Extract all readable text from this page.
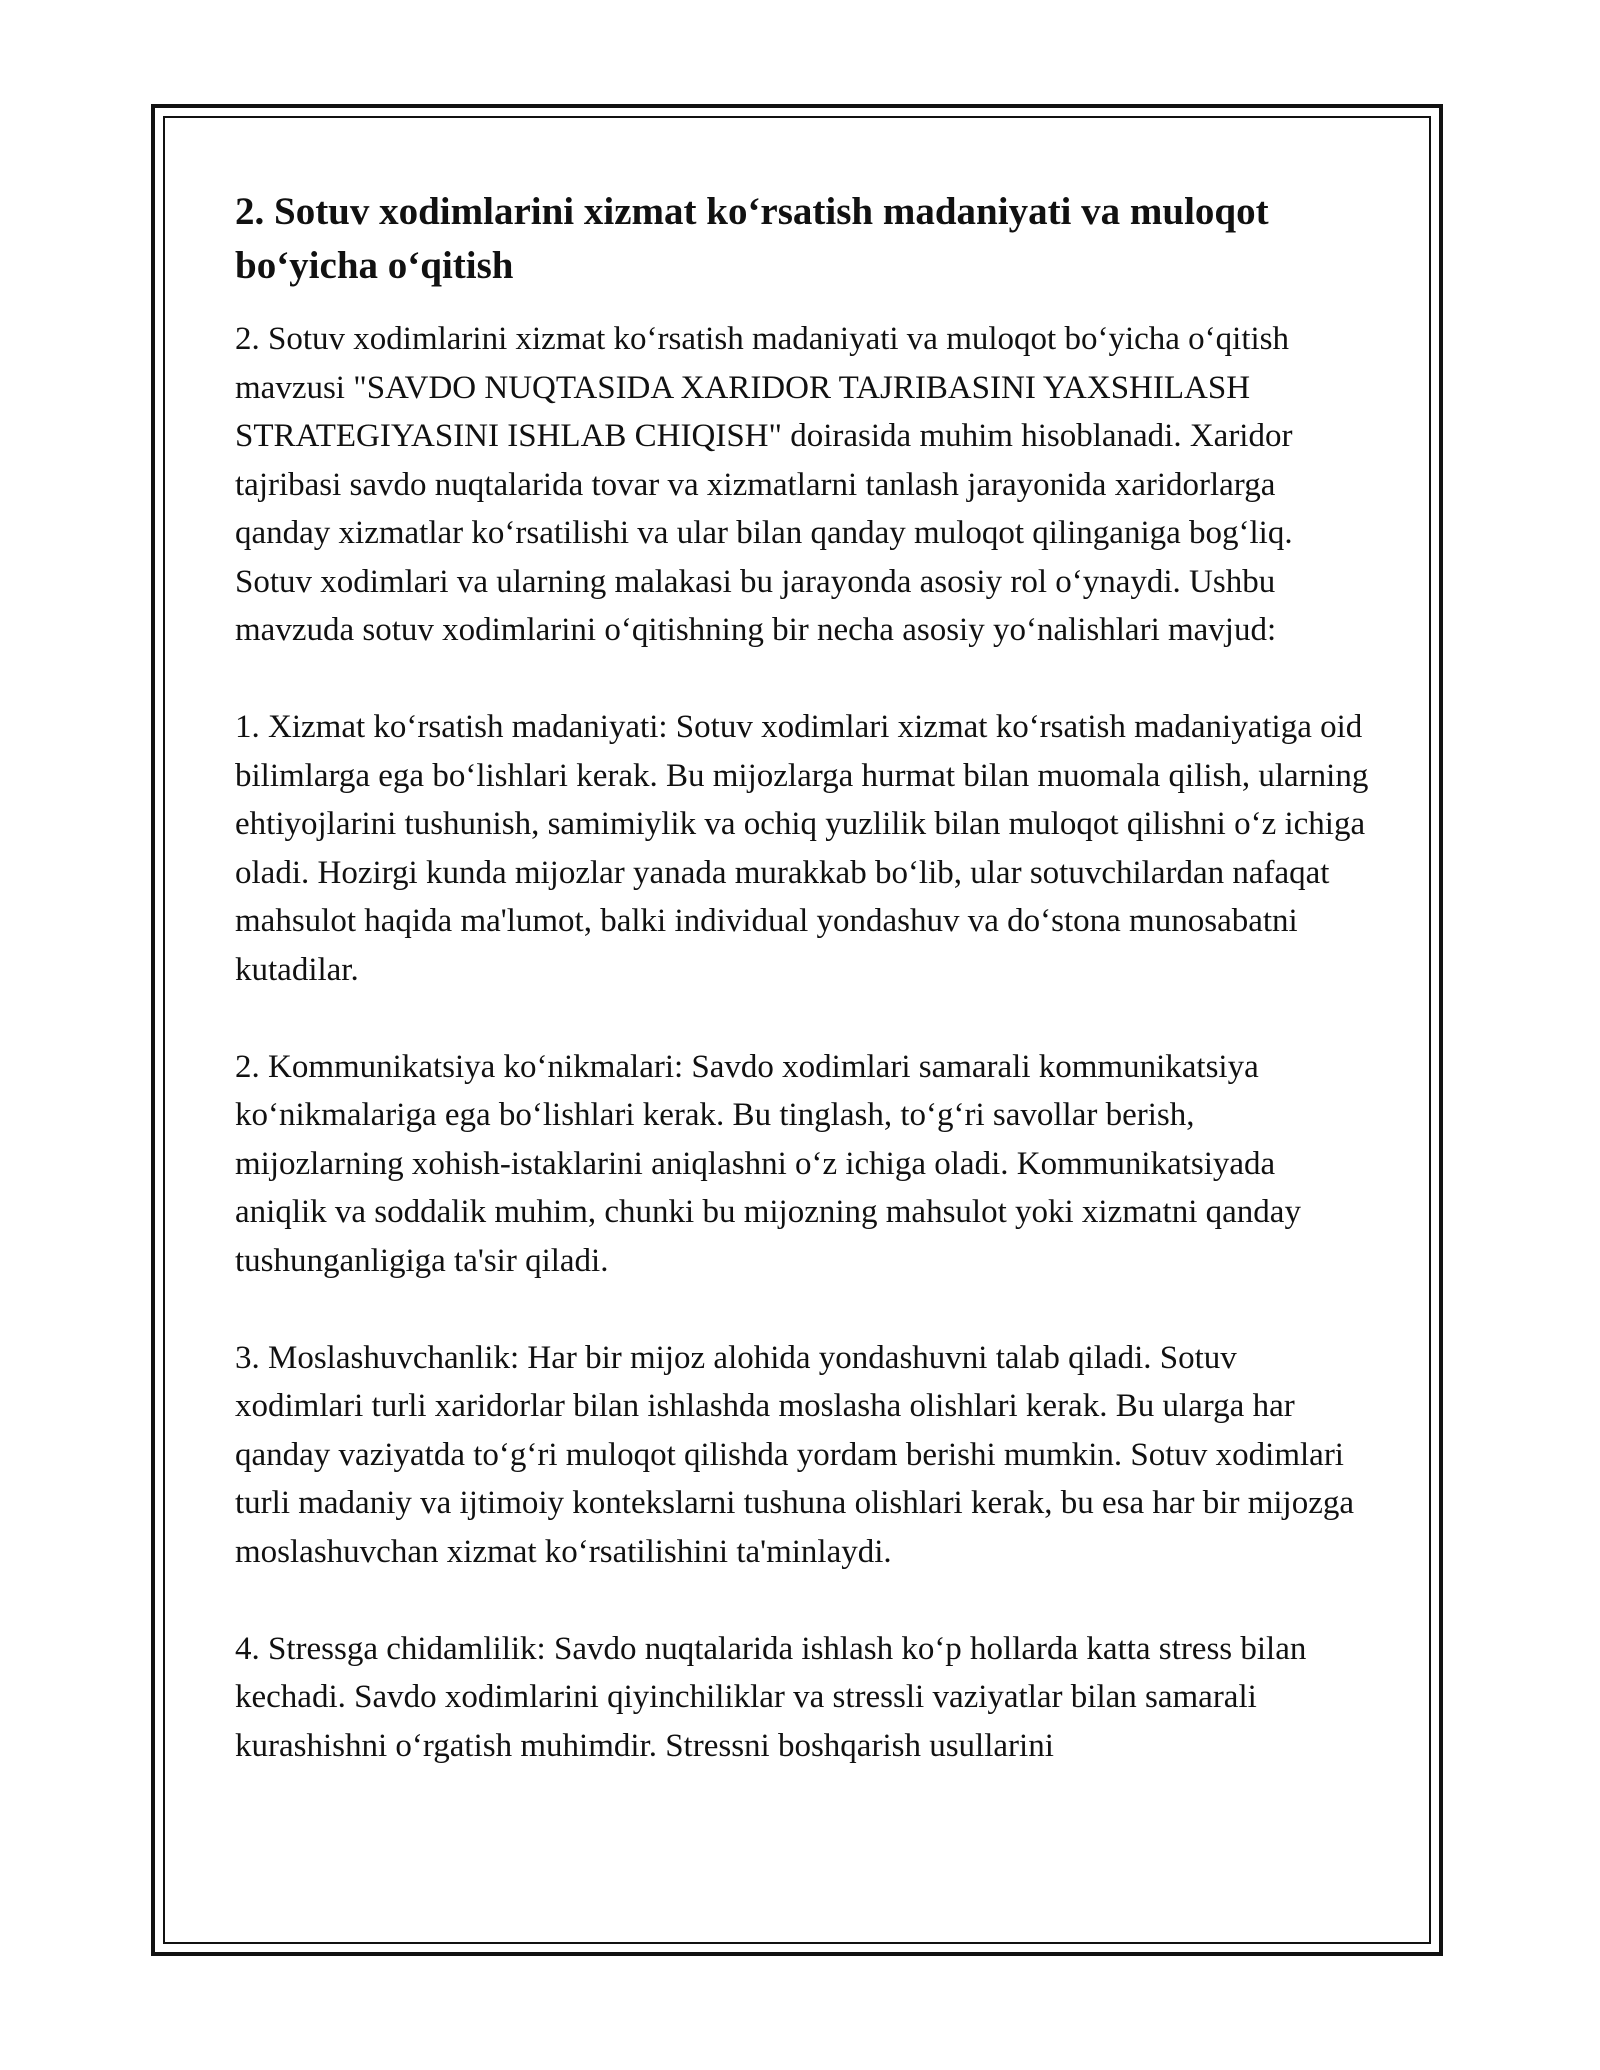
2. Sotuv xodimlarini xizmat ko‘rsatish madaniyati va muloqot bo‘yicha o‘qitish

2. Sotuv xodimlarini xizmat ko‘rsatish madaniyati va muloqot bo‘yicha o‘qitish mavzusi "SAVDO NUQTASIDA XARIDOR TAJRIBASINI YAXSHILASH STRATEGIYASINI ISHLAB CHIQISH" doirasida muhim hisoblanadi. Xaridor tajribasi savdo nuqtalarida tovar va xizmatlarni tanlash jarayonida xaridorlarga qanday xizmatlar ko‘rsatilishi va ular bilan qanday muloqot qilinganiga bog‘liq. Sotuv xodimlari va ularning malakasi bu jarayonda asosiy rol o‘ynaydi. Ushbu mavzuda sotuv xodimlarini o‘qitishning bir necha asosiy yo‘nalishlari mavjud:

1. Xizmat ko‘rsatish madaniyati: Sotuv xodimlari xizmat ko‘rsatish madaniyatiga oid bilimlarga ega bo‘lishlari kerak. Bu mijozlarga hurmat bilan muomala qilish, ularning ehtiyojlarini tushunish, samimiylik va ochiq yuzlilik bilan muloqot qilishni o‘z ichiga oladi. Hozirgi kunda mijozlar yanada murakkab bo‘lib, ular sotuvchilardan nafaqat mahsulot haqida ma'lumot, balki individual yondashuv va do‘stona munosabatni kutadilar.

2. Kommunikatsiya ko‘nikmalari: Savdo xodimlari samarali kommunikatsiya ko‘nikmalariga ega bo‘lishlari kerak. Bu tinglash, to‘g‘ri savollar berish, mijozlarning xohish-istaklarini aniqlashni o‘z ichiga oladi. Kommunikatsiyada aniqlik va soddalik muhim, chunki bu mijozning mahsulot yoki xizmatni qanday tushunganligiga ta'sir qiladi.

3. Moslashuvchanlik: Har bir mijoz alohida yondashuvni talab qiladi. Sotuv xodimlari turli xaridorlar bilan ishlashda moslasha olishlari kerak. Bu ularga har qanday vaziyatda to‘g‘ri muloqot qilishda yordam berishi mumkin. Sotuv xodimlari turli madaniy va ijtimoiy kontekslarni tushuna olishlari kerak, bu esa har bir mijozga moslashuvchan xizmat ko‘rsatilishini ta'minlaydi.

4. Stressga chidamlilik: Savdo nuqtalarida ishlash ko‘p hollarda katta stress bilan kechadi. Savdo xodimlarini qiyinchiliklar va stressli vaziyatlar bilan samarali kurashishni o‘rgatish muhimdir. Stressni boshqarish usullarini
